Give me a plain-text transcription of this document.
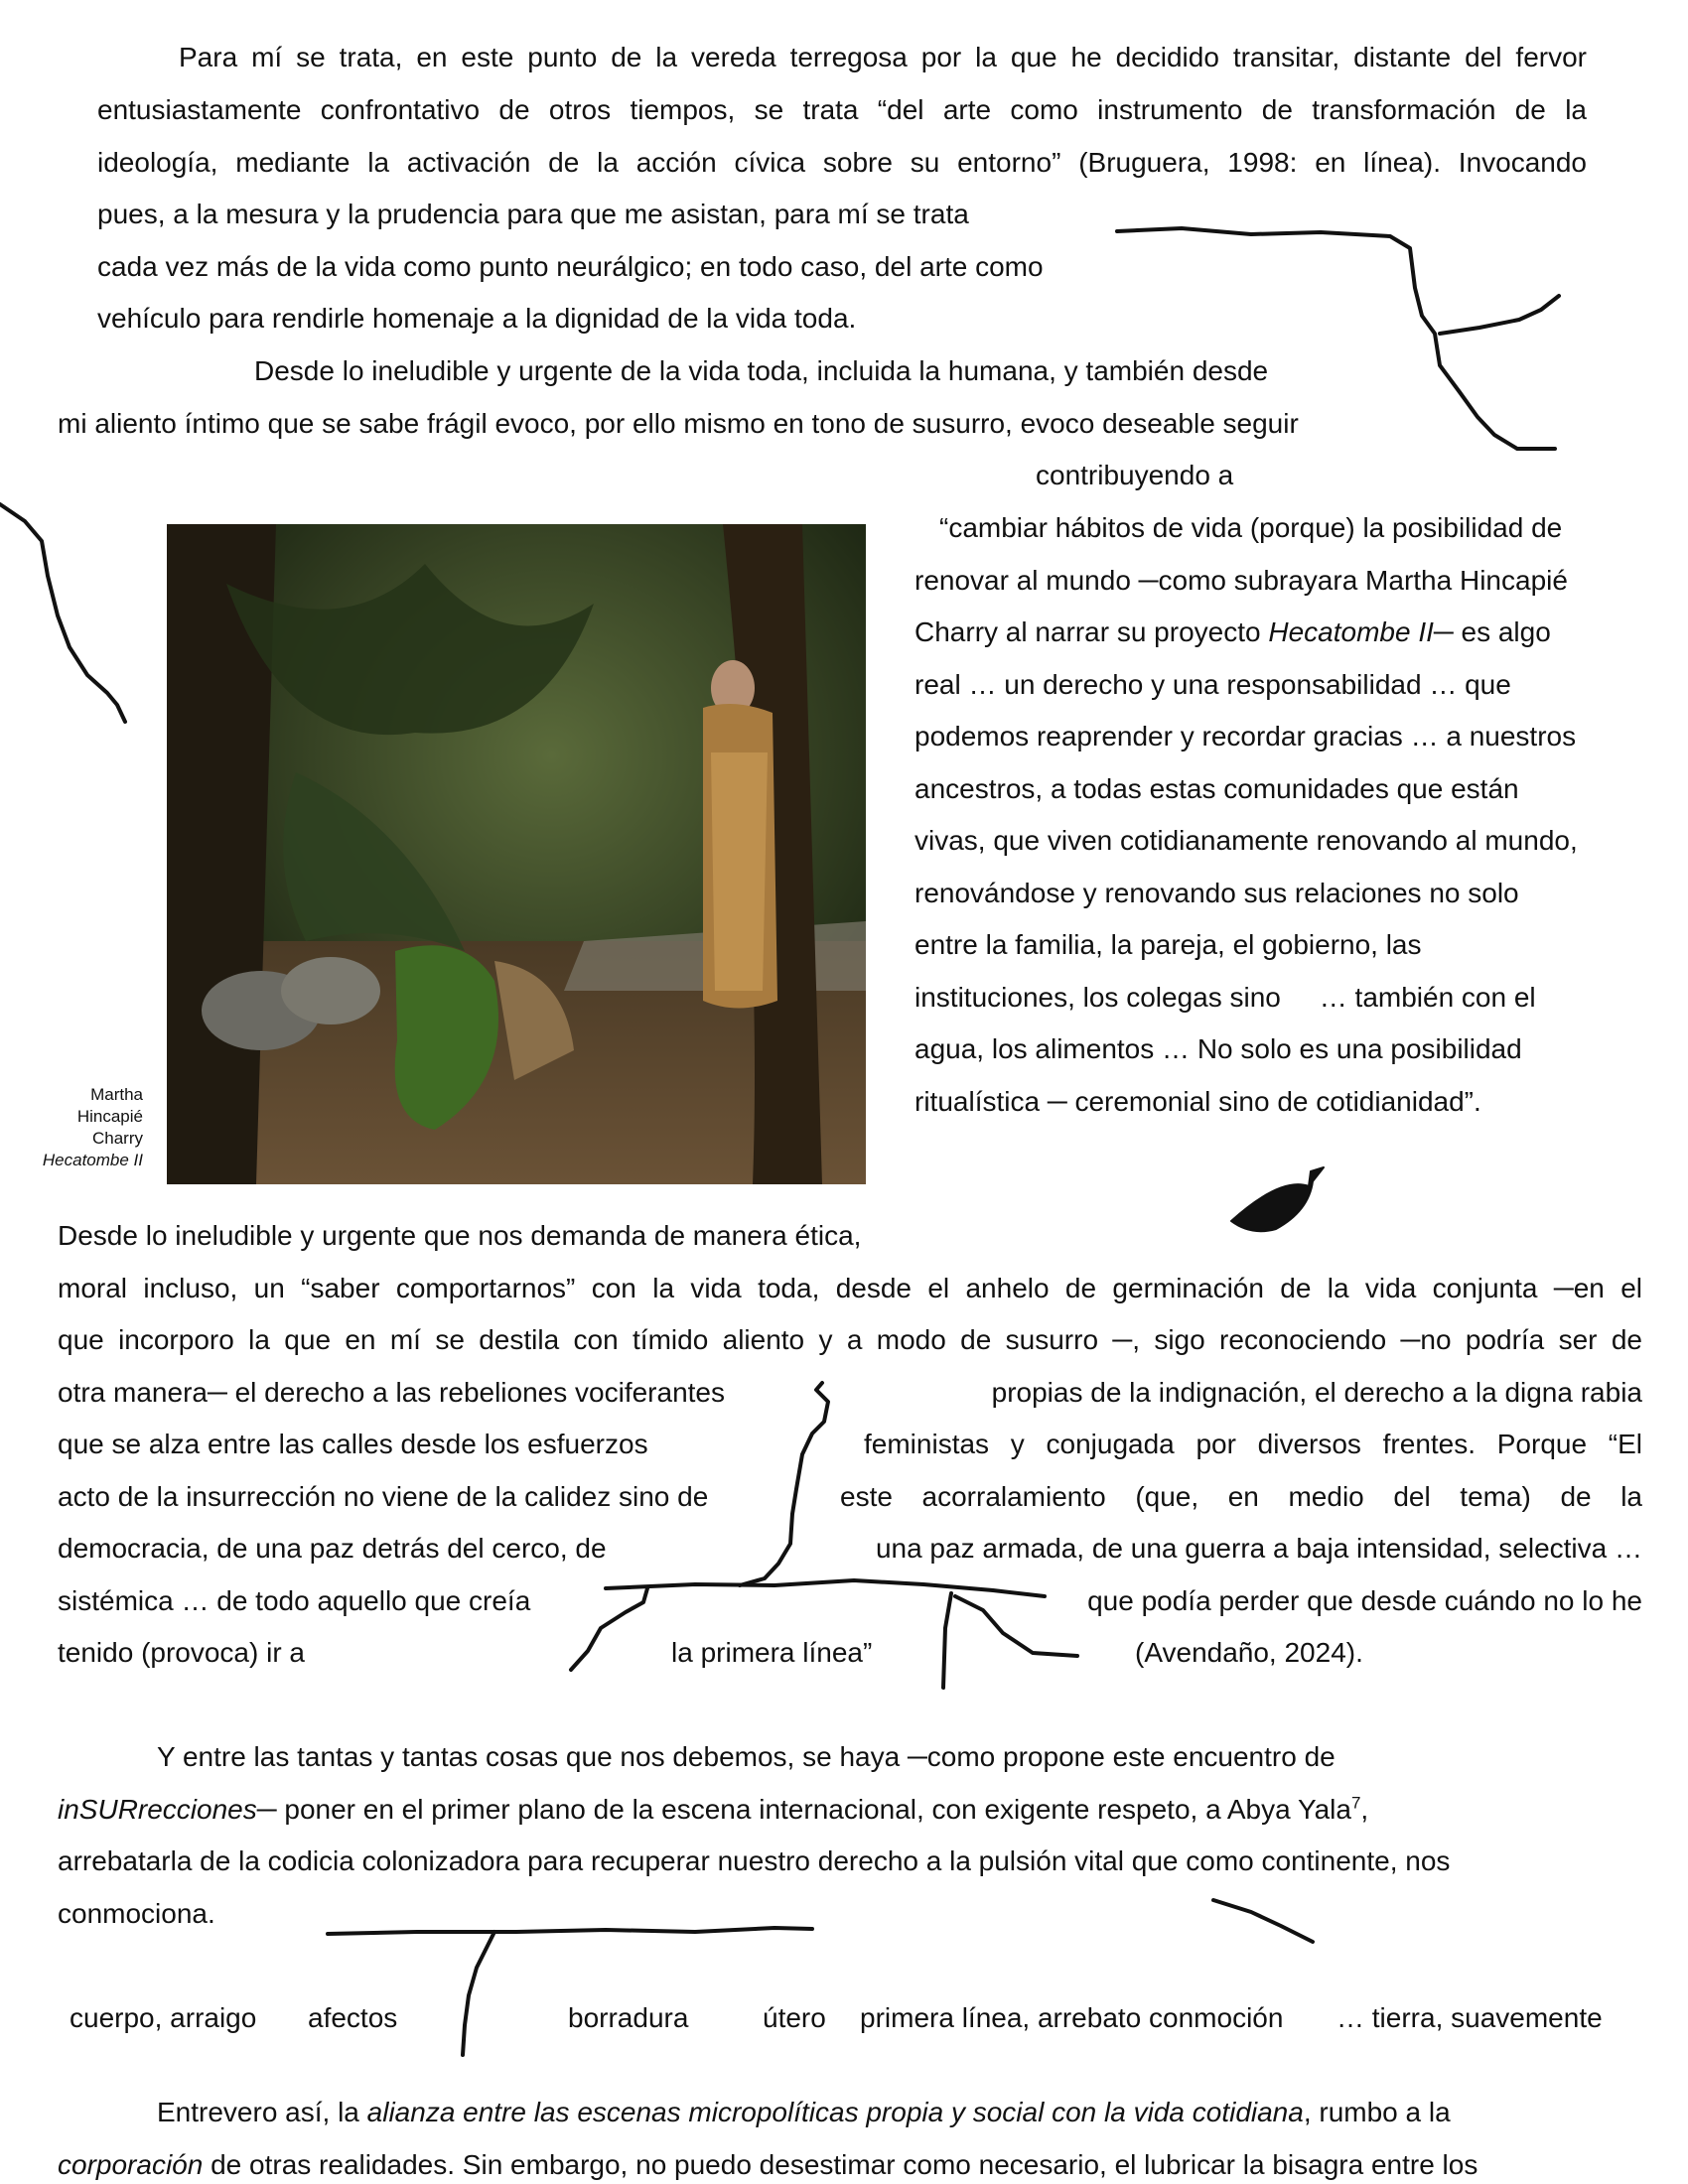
Para mí se trata, en este punto de la vereda terregosa por la que he decidido transitar, distante del fervor
entusiastamente confrontativo de otros tiempos, se trata “del arte como instrumento de transformación de la
ideología, mediante la activación de la acción cívica sobre su entorno” (Bruguera, 1998: en línea). Invocando
pues, a la mesura y la prudencia para que me asistan, para mí se trata
cada vez más de la vida como punto neurálgico; en todo caso, del arte como
vehículo para rendirle homenaje a la dignidad de la vida toda.
Desde lo ineludible y urgente de la vida toda, incluida la humana, y también desde
mi aliento íntimo que se sabe frágil evoco, por ello mismo en tono de susurro, evoco deseable seguir
contribuyendo a
Martha
Hincapié
Charry
Hecatombe II
“cambiar hábitos de vida (porque) la posibilidad de
renovar al mundo ─como subrayara Martha Hincapié
Charry al narrar su proyecto Hecatombe II─ es algo
real … un derecho y una responsabilidad … que
podemos reaprender y recordar gracias … a nuestros
ancestros, a todas estas comunidades que están
vivas, que viven cotidianamente renovando al mundo,
renovándose y renovando sus relaciones no solo
entre la familia, la pareja, el gobierno, las
instituciones, los colegas sino     … también con el
agua, los alimentos … No solo es una posibilidad
ritualística ─ ceremonial sino de cotidianidad”.
Desde lo ineludible y urgente que nos demanda de manera ética,
moral incluso, un “saber comportarnos” con la vida toda, desde el anhelo de germinación de la vida conjunta ─en el
que incorporo la que en mí se destila con tímido aliento y a modo de susurro ─, sigo reconociendo ─no podría ser de
otra manera─ el derecho a las rebeliones vociferantes	propias de la indignación, el derecho a la digna rabia
que se alza entre las calles desde los esfuerzos	feministas y conjugada por diversos frentes. Porque “El
acto de la insurrección no viene de la calidez sino de	este acorralamiento (que, en medio del tema) de la
democracia, de una paz detrás del cerco, de	una paz armada, de una guerra a baja intensidad, selectiva …
sistémica … de todo aquello que creía	que podía perder que desde cuándo no lo he
tenido (provoca) ir a	la primera línea”	(Avendaño, 2024).
Y entre las tantas y tantas cosas que nos debemos, se haya ─como propone este encuentro de
inSURrecciones─ poner en el primer plano de la escena internacional, con exigente respeto, a Abya Yala$^7$,
arrebatarla de la codicia colonizadora para recuperar nuestro derecho a la pulsión vital que como continente, nos
conmociona.
cuerpo, arraigo afectos	borradura	útero primera línea, arrebato conmoción … tierra, suavemente
Entrevero así, la alianza entre las escenas micropolíticas propia y social con la vida cotidiana, rumbo a la
corporación de otras realidades. Sin embargo, no puedo desestimar como necesario, el lubricar la bisagra entre los
